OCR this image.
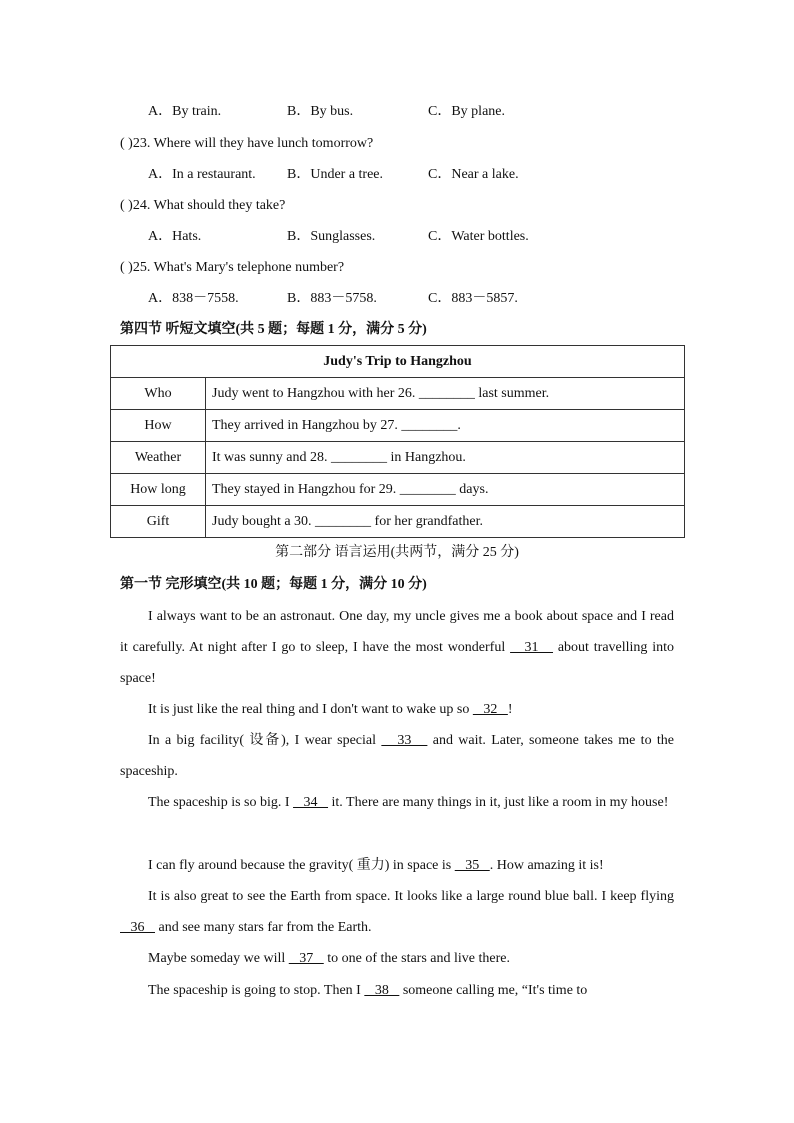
A．By train.	B．By bus.	C．By plane.
( )23. Where will they have lunch tomorrow?
A．In a restaurant. B．Under a tree.	C．Near a lake.
( )24. What should they take?
A．Hats.	B．Sunglasses.	C．Water bottles.
( )25. What's Mary's telephone number?
A．838－7558.	B．883－5758.	C．883－5857.
第四节 听短文填空(共 5 题；每题 1 分，满分 5 分)
Judy's Trip to Hangzhou	
Who	Judy went to Hangzhou with her 26. ________ last summer.
How	They arrived in Hangzhou by 27. ________.
Weather	It was sunny and 28. ________ in Hangzhou.
How long	They stayed in Hangzhou for 29. ________ days.
Gift	Judy bought a 30. ________ for her grandfather.
第二部分 语言运用(共两节，满分 25 分)
第一节 完形填空(共 10 题；每题 1 分，满分 10 分)
I always want to be an astronaut. One day, my uncle gives me a book about space and I read it carefully. At night after I go to sleep, I have the most wonderful    31    about travelling into space!
It is just like the real thing and I don't want to wake up so    32   !
In a big facility( 设备), I wear special    33    and wait. Later, someone takes me to the spaceship.
The spaceship is so big. I    34    it. There are many things in it, just like a room in my house!
I can fly around because the gravity( 重力) in space is    35   . How amazing it is!
It is also great to see the Earth from space. It looks like a large round blue ball. I keep flying    36    and see many stars far from the Earth.
Maybe someday we will    37    to one of the stars and live there.
The spaceship is going to stop. Then I    38    someone calling me, “It's time to
